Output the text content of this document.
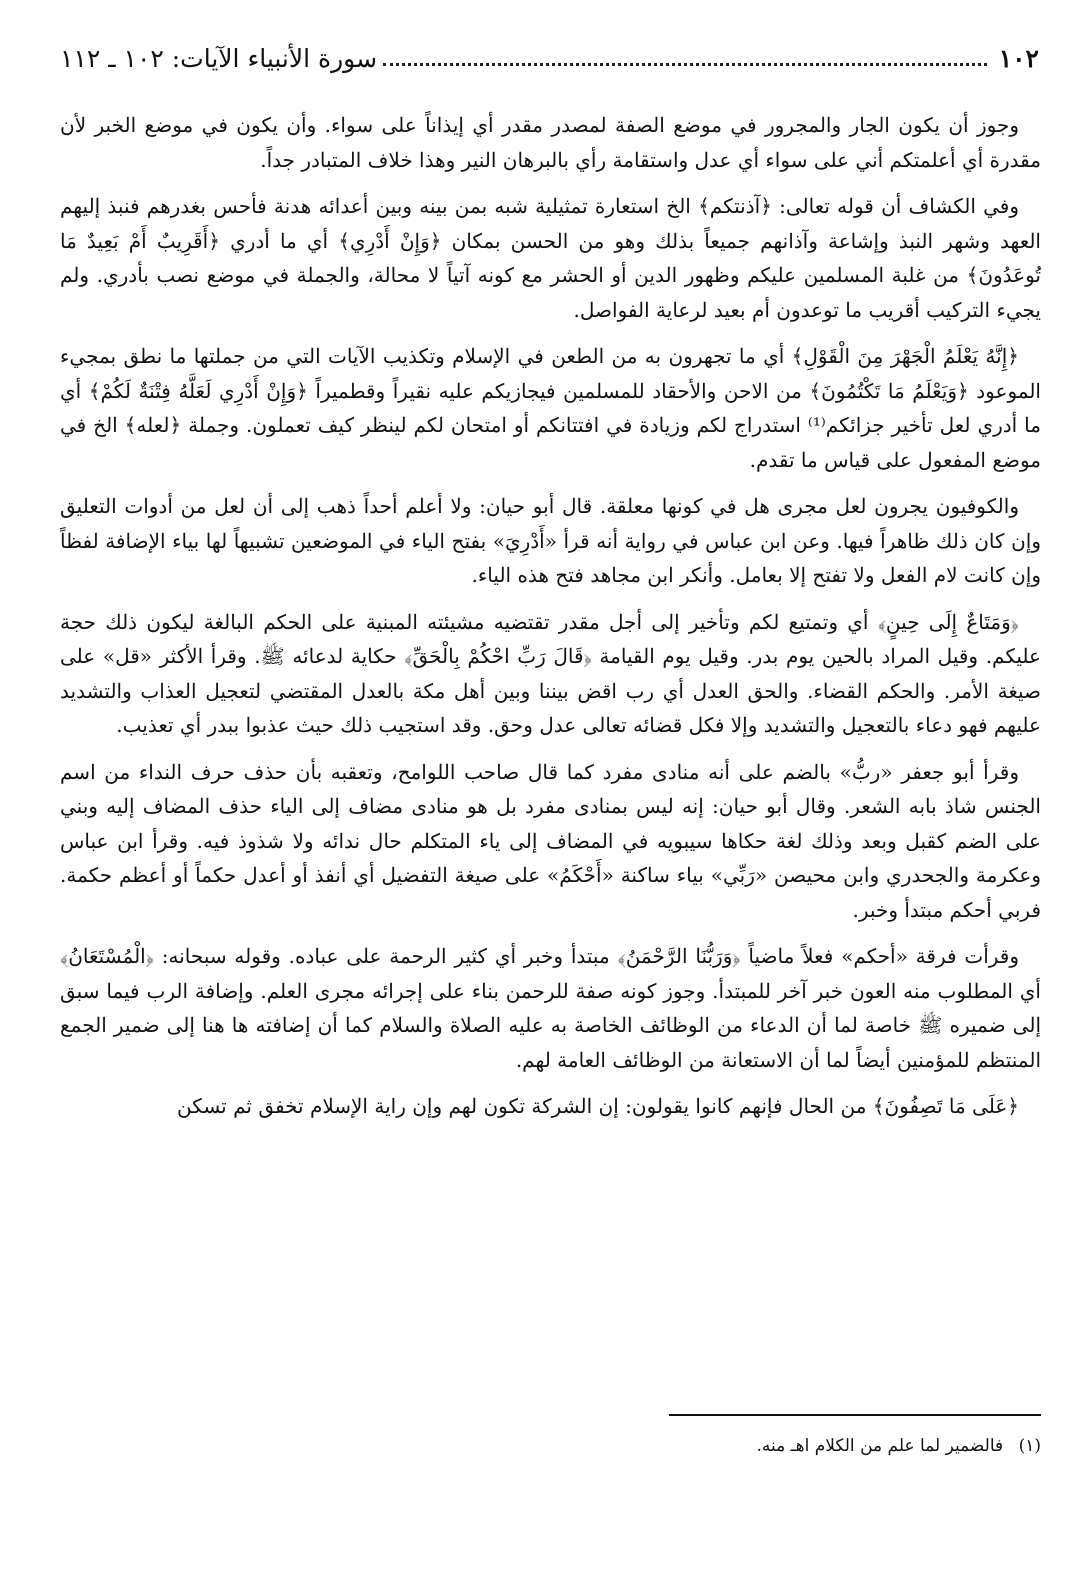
١٠٢
سورة الأنبياء الآيات: ١٠٢ ـ ١١٢

وجوز أن يكون الجار والمجرور في موضع الصفة لمصدر مقدر أي إيذاناً على سواء. وأن يكون في موضع الخبر لأن مقدرة أي أعلمتكم أني على سواء أي عدل واستقامة رأي بالبرهان النير وهذا خلاف المتبادر جداً.

وفي الكشاف أن قوله تعالى: ﴿آذنتكم﴾ الخ استعارة تمثيلية شبه بمن بينه وبين أعدائه هدنة فأحس بغدرهم فنبذ إليهم العهد وشهر النبذ وإشاعة وآذانهم جميعاً بذلك وهو من الحسن بمكان ﴿وَإِنْ أَدْرِي﴾ أي ما أدري ﴿أَقَرِيبٌ أَمْ بَعِيدٌ مَا تُوعَدُونَ﴾ من غلبة المسلمين عليكم وظهور الدين أو الحشر مع كونه آتياً لا محالة، والجملة في موضع نصب بأدري. ولم يجيء التركيب أقريب ما توعدون أم بعيد لرعاية الفواصل.

﴿إِنَّهُ يَعْلَمُ الْجَهْرَ مِنَ الْقَوْلِ﴾ أي ما تجهرون به من الطعن في الإسلام وتكذيب الآيات التي من جملتها ما نطق بمجيء الموعود ﴿وَيَعْلَمُ مَا تَكْتُمُونَ﴾ من الاحن والأحقاد للمسلمين فيجازيكم عليه نقيراً وقطميراً ﴿وَإِنْ أَدْرِي لَعَلَّهُ فِتْنَةٌ لَكُمْ﴾ أي ما أدري لعل تأخير جزائكم⁽¹⁾ استدراج لكم وزيادة في افتتانكم أو امتحان لكم لينظر كيف تعملون. وجملة ﴿لعله﴾ الخ في موضع المفعول على قياس ما تقدم.

والكوفيون يجرون لعل مجرى هل في كونها معلقة. قال أبو حيان: ولا أعلم أحداً ذهب إلى أن لعل من أدوات التعليق وإن كان ذلك ظاهراً فيها. وعن ابن عباس في رواية أنه قرأ «أَدْرِيَ» بفتح الياء في الموضعين تشبيهاً لها بياء الإضافة لفظاً وإن كانت لام الفعل ولا تفتح إلا بعامل. وأنكر ابن مجاهد فتح هذه الياء.

﴿وَمَتَاعٌ إِلَى حِينٍ﴾ أي وتمتيع لكم وتأخير إلى أجل مقدر تقتضيه مشيئته المبنية على الحكم البالغة ليكون ذلك حجة عليكم. وقيل المراد بالحين يوم بدر. وقيل يوم القيامة ﴿قَالَ رَبِّ احْكُمْ بِالْحَقِّ﴾ حكاية لدعائه ﷺ. وقرأ الأكثر «قل» على صيغة الأمر. والحكم القضاء. والحق العدل أي رب اقض بيننا وبين أهل مكة بالعدل المقتضي لتعجيل العذاب والتشديد عليهم فهو دعاء بالتعجيل والتشديد وإلا فكل قضائه تعالى عدل وحق. وقد استجيب ذلك حيث عذبوا ببدر أي تعذيب.

وقرأ أبو جعفر «ربُّ» بالضم على أنه منادى مفرد كما قال صاحب اللوامح، وتعقبه بأن حذف حرف النداء من اسم الجنس شاذ بابه الشعر. وقال أبو حيان: إنه ليس بمنادى مفرد بل هو منادى مضاف إلى الياء حذف المضاف إليه وبني على الضم كقبل وبعد وذلك لغة حكاها سيبويه في المضاف إلى ياء المتكلم حال ندائه ولا شذوذ فيه. وقرأ ابن عباس وعكرمة والجحدري وابن محيصن «رَبِّي» بياء ساكنة «أَحْكَمُ» على صيغة التفضيل أي أنفذ أو أعدل حكماً أو أعظم حكمة. فربي أحكم مبتدأ وخبر.

وقرأت فرقة «أحكم» فعلاً ماضياً ﴿وَرَبُّنَا الرَّحْمَنُ﴾ مبتدأ وخبر أي كثير الرحمة على عباده. وقوله سبحانه: ﴿الْمُسْتَعَانُ﴾ أي المطلوب منه العون خبر آخر للمبتدأ. وجوز كونه صفة للرحمن بناء على إجرائه مجرى العلم. وإضافة الرب فيما سبق إلى ضميره ﷺ خاصة لما أن الدعاء من الوظائف الخاصة به عليه الصلاة والسلام كما أن إضافته ها هنا إلى ضمير الجمع المنتظم للمؤمنين أيضاً لما أن الاستعانة من الوظائف العامة لهم.

﴿عَلَى مَا تَصِفُونَ﴾ من الحال فإنهم كانوا يقولون: إن الشركة تكون لهم وإن راية الإسلام تخفق ثم تسكن

(١) فالضمير لما علم من الكلام اهـ منه.
